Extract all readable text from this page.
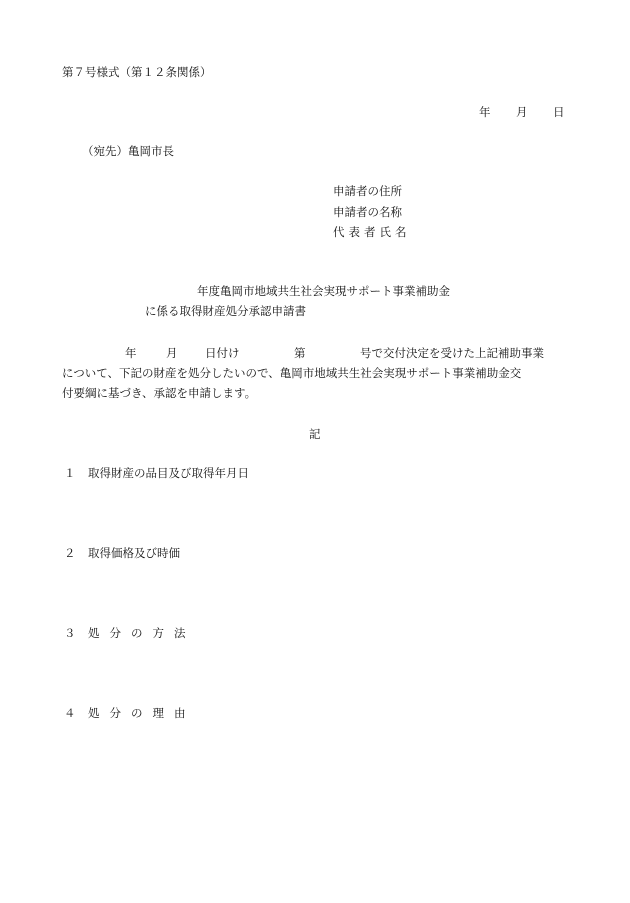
第７号様式（第１２条関係）
年 月 日
（宛先）亀岡市長
申請者の住所
申請者の名称
代表者氏名
年度亀岡市地域共生社会実現サポート事業補助金
に係る取得財産処分承認申請書
年	月 日付け	第	号で交付決定を受けた上記補助事業
について、下記の財産を処分したいので、亀岡市地域共生社会実現サポート事業補助金交
付要綱に基づき、承認を申請します。
記
１ 取得財産の品目及び取得年月日
２ 取得価格及び時価
３ 処分の方法
４ 処分の理由
